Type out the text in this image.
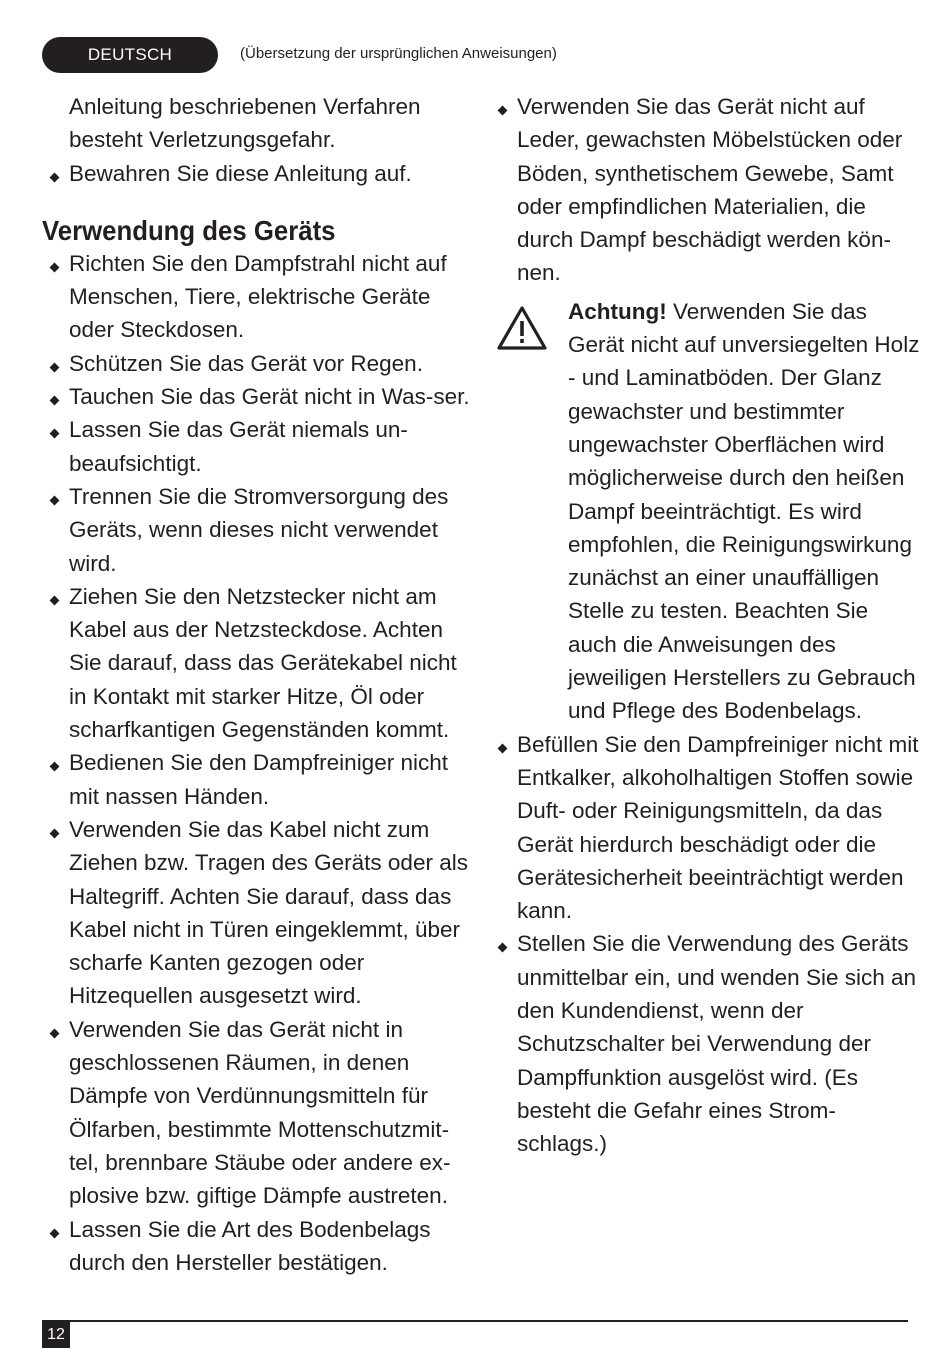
DEUTSCH	(Übersetzung der ursprünglichen Anweisungen)

Anleitung beschriebenen Verfahren besteht Verletzungsgefahr.

Bewahren Sie diese Anleitung auf.

Verwendung des Geräts

Richten Sie den Dampfstrahl nicht auf Menschen, Tiere, elektrische Geräte oder Steckdosen.

Schützen Sie das Gerät vor Regen.

Tauchen Sie das Gerät nicht in Was-ser.

Lassen Sie das Gerät niemals un-beaufsichtigt.

Trennen Sie die Stromversorgung des Geräts, wenn dieses nicht verwendet wird.

Ziehen Sie den Netzstecker nicht am Kabel aus der Netzsteckdose. Achten Sie darauf, dass das Gerätekabel nicht in Kontakt mit starker Hitze, Öl oder scharfkantigen Gegenständen kommt.

Bedienen Sie den Dampfreiniger nicht mit nassen Händen.

Verwenden Sie das Kabel nicht zum Ziehen bzw. Tragen des Geräts oder als Haltegriff. Achten Sie darauf, dass das Kabel nicht in Türen eingeklemmt, über scharfe Kanten gezogen oder Hitzequellen ausgesetzt wird.

Verwenden Sie das Gerät nicht in geschlossenen Räumen, in denen Dämpfe von Verdünnungsmitteln für Ölfarben, bestimmte Mottenschutzmit-tel, brennbare Stäube oder andere ex-plosive bzw. giftige Dämpfe austreten.

Lassen Sie die Art des Bodenbelags durch den Hersteller bestätigen.

Verwenden Sie das Gerät nicht auf Leder, gewachsten Möbelstücken oder Böden, synthetischem Gewebe, Samt oder empfindlichen Materialien, die durch Dampf beschädigt werden kön-nen.

Achtung! Verwenden Sie das Gerät nicht auf unversiegelten Holz - und Laminatböden. Der Glanz gewachster und bestimmter ungewachster Oberflächen wird möglicherweise durch den heißen Dampf beeinträchtigt. Es wird empfohlen, die Reinigungswirkung zunächst an einer unauffälligen Stelle zu testen. Beachten Sie auch die Anweisungen des jeweiligen Herstellers zu Gebrauch und Pflege des Bodenbelags.

Befüllen Sie den Dampfreiniger nicht mit Entkalker, alkoholhaltigen Stoffen sowie Duft- oder Reinigungsmitteln, da das Gerät hierdurch beschädigt oder die Gerätesicherheit beeinträchtigt werden kann.

Stellen Sie die Verwendung des Geräts unmittelbar ein, und wenden Sie sich an den Kundendienst, wenn der Schutzschalter bei Verwendung der Dampffunktion ausgelöst wird. (Es besteht die Gefahr eines Strom-schlags.)

12
